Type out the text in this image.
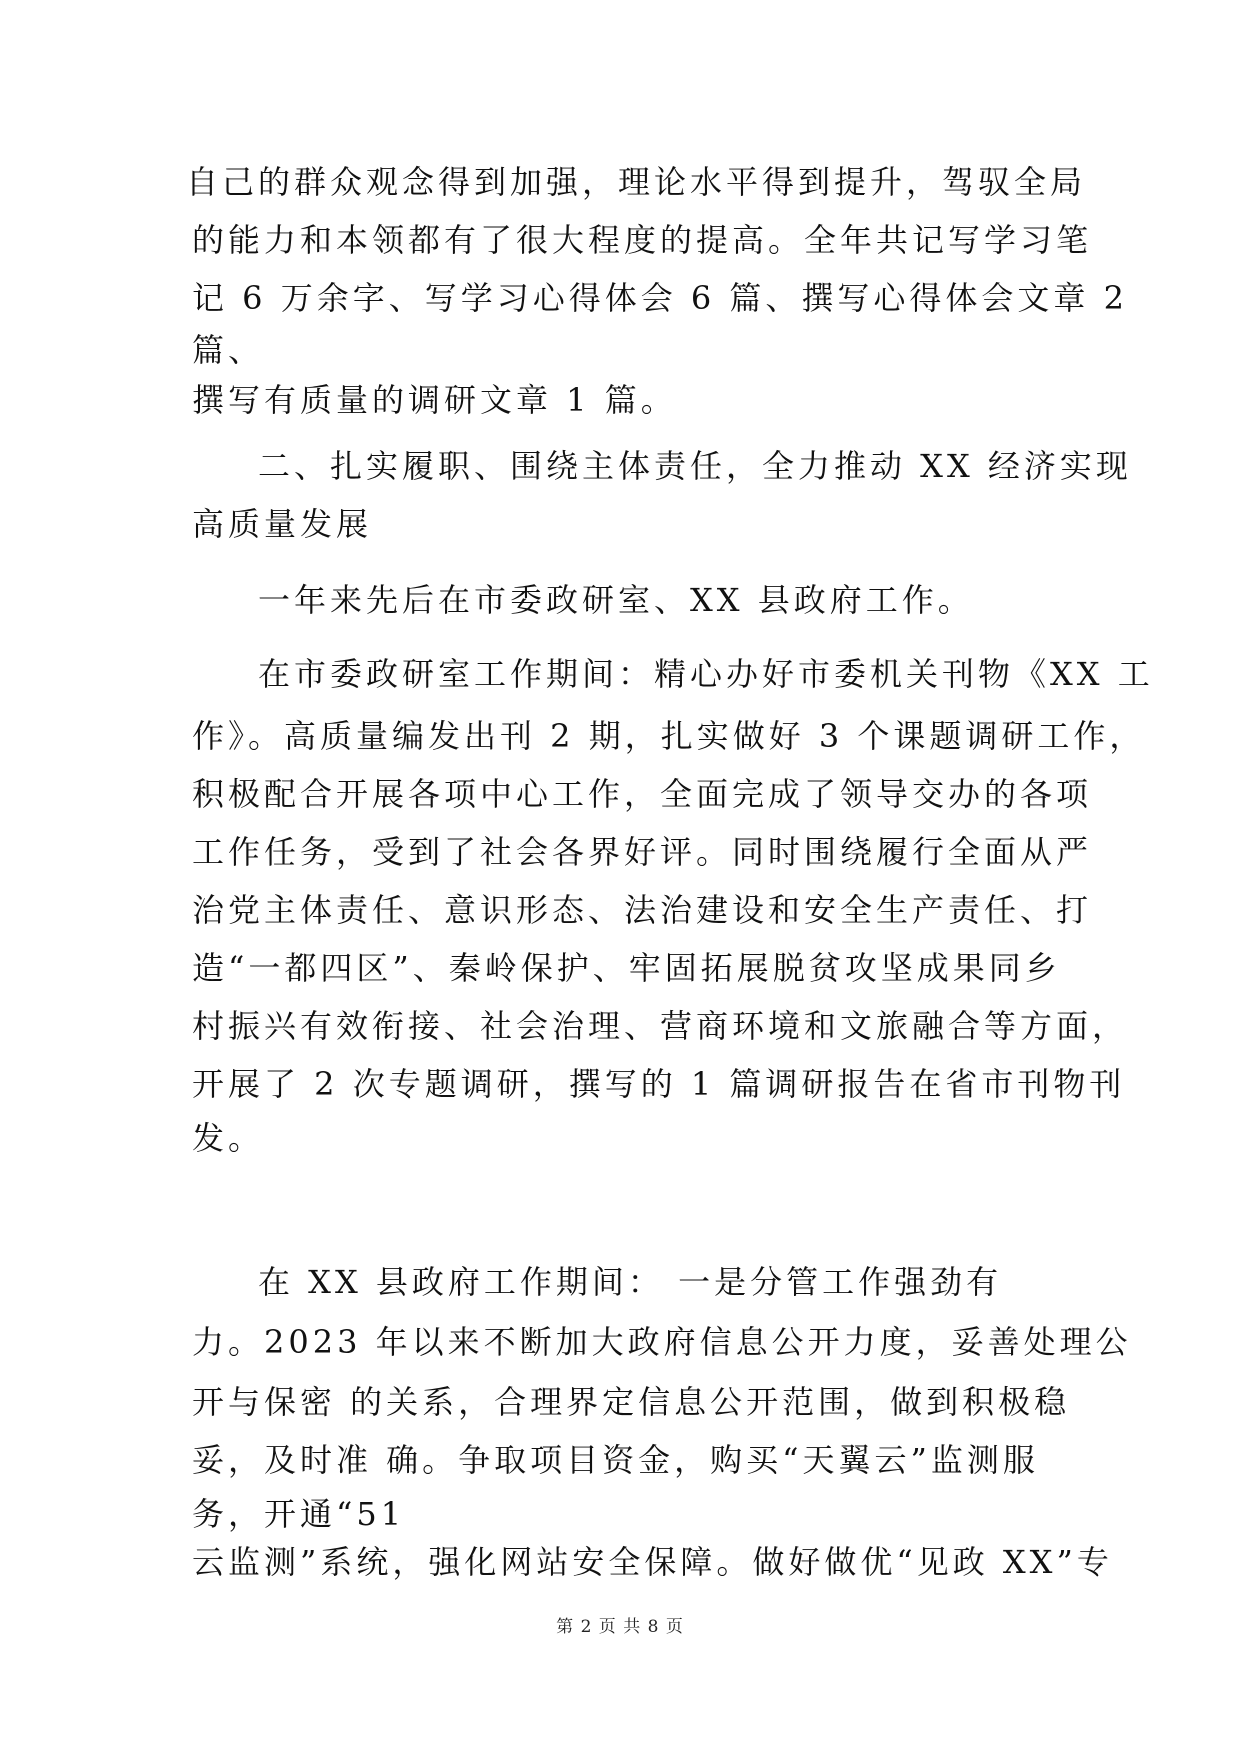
自己的群众观念得到加强，理论水平得到提升，驾驭全局
的能力和本领都有了很大程度的提高。全年共记写学习笔
记 6 万余字、写学习心得体会 6 篇、撰写心得体会文章 2
篇、
撰写有质量的调研文章 1 篇。
二、扎实履职、围绕主体责任，全力推动 XX 经济实现
高质量发展
一年来先后在市委政研室、XX 县政府工作。
在市委政研室工作期间：精心办好市委机关刊物《XX 工
作》。高质量编发出刊 2 期，扎实做好 3 个课题调研工作，
积极配合开展各项中心工作，全面完成了领导交办的各项
工作任务，受到了社会各界好评。同时围绕履行全面从严
治党主体责任、意识形态、法治建设和安全生产责任、打
造“一都四区”、秦岭保护、牢固拓展脱贫攻坚成果同乡
村振兴有效衔接、社会治理、营商环境和文旅融合等方面，
开展了 2 次专题调研，撰写的 1 篇调研报告在省市刊物刊
发。
在 XX 县政府工作期间： 一是分管工作强劲有
力。2023 年以来不断加大政府信息公开力度，妥善处理公
开与保密 的关系，合理界定信息公开范围，做到积极稳
妥，及时准 确。争取项目资金，购买“天翼云”监测服
务，开通“51
云监测”系统，强化网站安全保障。做好做优“见政 XX”专
第 2 页 共 8 页
